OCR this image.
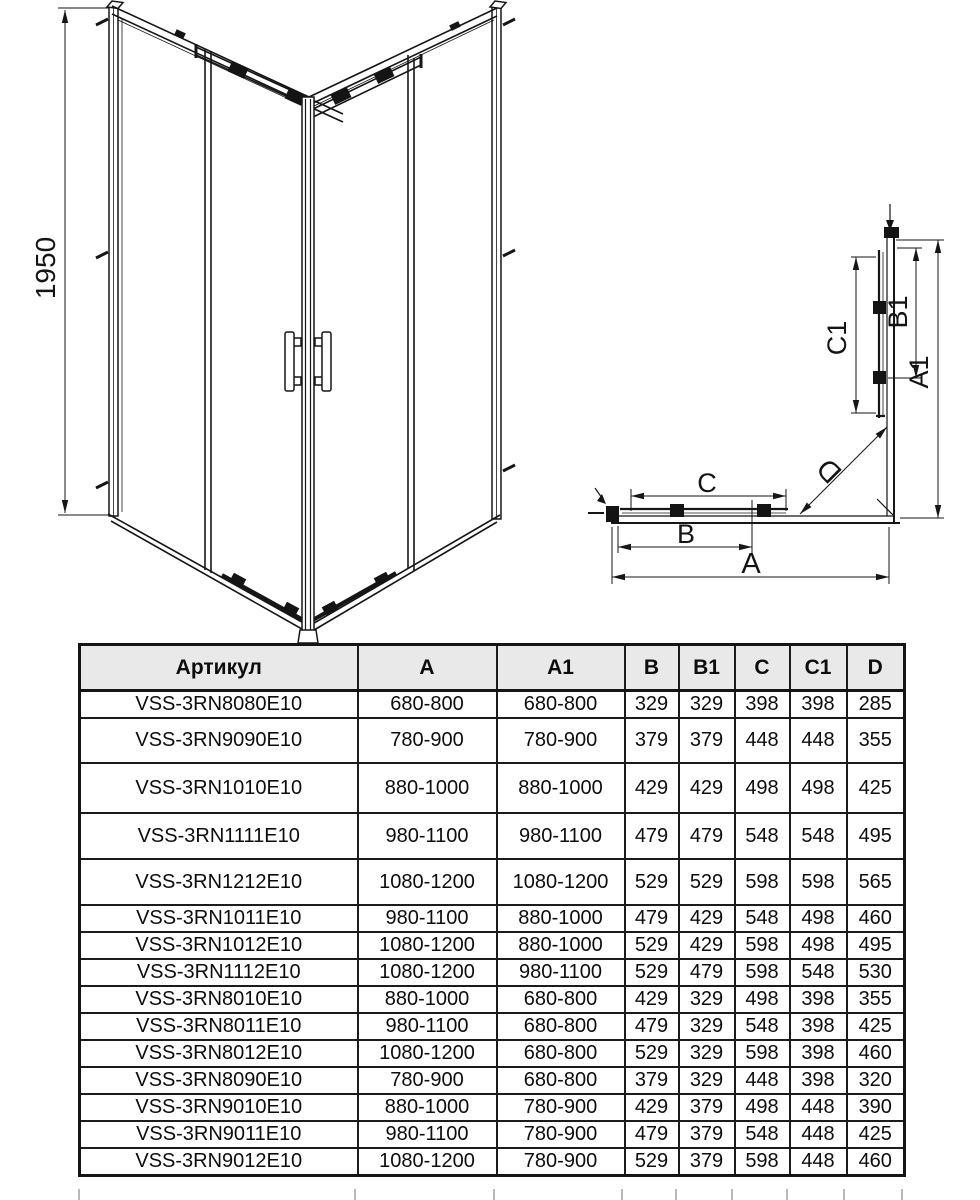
1950
C
B
A
A1
B1
C1
D
Артикул	A	A1	B	B1	C	C1	D
VSS-3RN8080E10	680-800	680-800	329	329	398	398	285
VSS-3RN9090E10	780-900	780-900	379	379	448	448	355
VSS-3RN1010E10	880-1000	880-1000	429	429	498	498	425
VSS-3RN1111E10	980-1100	980-1100	479	479	548	548	495
VSS-3RN1212E10	1080-1200	1080-1200	529	529	598	598	565
VSS-3RN1011E10	980-1100	880-1000	479	429	548	498	460
VSS-3RN1012E10	1080-1200	880-1000	529	429	598	498	495
VSS-3RN1112E10	1080-1200	980-1100	529	479	598	548	530
VSS-3RN8010E10	880-1000	680-800	429	329	498	398	355
VSS-3RN8011E10	980-1100	680-800	479	329	548	398	425
VSS-3RN8012E10	1080-1200	680-800	529	329	598	398	460
VSS-3RN8090E10	780-900	680-800	379	329	448	398	320
VSS-3RN9010E10	880-1000	780-900	429	379	498	448	390
VSS-3RN9011E10	980-1100	780-900	479	379	548	448	425
VSS-3RN9012E10	1080-1200	780-900	529	379	598	448	460
